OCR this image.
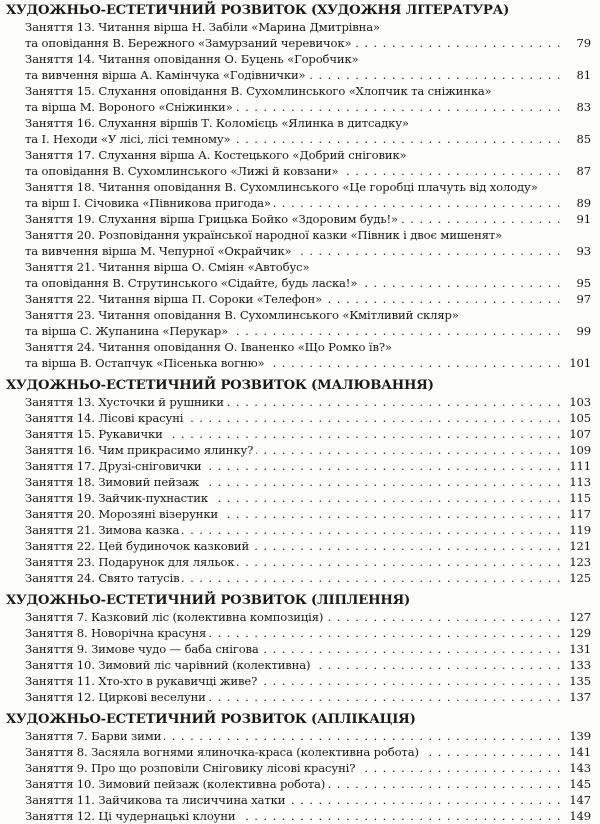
ХУДОЖНЬО-ЕСТЕТИЧНИЙ РОЗВИТОК (ХУДОЖНЯ ЛІТЕРАТУРА)
Заняття 13. Читання вірша Н. Забіли «Марина Дмитрівна»
. . . та оповідання В. Бережного «Замурзаний черевичок»	79
Заняття 14. Читання оповідання О. Буцень «Горобчик»
. . . та вивчення вірша А. Камінчука «Годівнички»	81
Заняття 15. Слухання оповідання В. Сухомлинського «Хлопчик та сніжинка»
. . . та вірша М. Вороного «Сніжинки»	83
Заняття 16. Слухання віршів Т. Коломієць «Ялинка в дитсадку»
. . . та І. Неходи «У лісі, лісі темному»	85
Заняття 17. Слухання вірша А. Костецького «Добрий сніговик»
. . . та оповідання В. Сухомлинського «Лижі й ковзани»	87
Заняття 18. Читання оповідання В. Сухомлинського «Це горобці плачуть від холоду»
. . . та вірш І. Січовика «Півникова пригода»	89
. . . Заняття 19. Слухання вірша Грицька Бойко «Здоровим будь!»	91
Заняття 20. Розповідання української народної казки «Півник і двоє мишенят»
. . . та вивчення вірша М. Чепурної «Окрайчик»	93
Заняття 21. Читання вірша О. Сміян «Автобус»
. . . та оповідання В. Струтинського «Сідайте, будь ласка!»	95
. . . Заняття 22. Читання вірша П. Сороки «Телефон»	97
Заняття 23. Читання оповідання В. Сухомлинського «Кмітливий скляр»
. . . та вірша С. Жупанина «Перукар»	99
Заняття 24. Читання оповідання О. Іваненко «Що Ромко їв?»
. . . та вірша В. Остапчук «Пісенька вогню»	101
ХУДОЖНЬО-ЕСТЕТИЧНИЙ РОЗВИТОК (МАЛЮВАННЯ)
. . . Заняття 13. Хусточки й рушники	103
. . . Заняття 14. Лісові красуні	105
. . . Заняття 15. Рукавички	107
. . . Заняття 16. Чим прикрасимо ялинку?	109
. . . Заняття 17. Друзі-сніговички	111
. . . Заняття 18. Зимовий пейзаж	113
. . . Заняття 19. Зайчик-пухнастик	115
. . . Заняття 20. Морозяні візерунки	117
. . . Заняття 21. Зимова казка	119
. . . Заняття 22. Цей будиночок казковий	121
. . . Заняття 23. Подарунок для ляльок	123
. . . Заняття 24. Свято татусів	125
ХУДОЖНЬО-ЕСТЕТИЧНИЙ РОЗВИТОК (ЛІПЛЕННЯ)
. . . Заняття 7. Казковий ліс (колективна композиція)	127
. . . Заняття 8. Новорічна красуня	129
. . . Заняття 9. Зимове чудо — баба снігова	131
. . . Заняття 10. Зимовий ліс чарівний (колективна)	133
. . . Заняття 11. Хто-хто в рукавичці живе?	135
. . . Заняття 12. Циркові веселуни	137
ХУДОЖНЬО-ЕСТЕТИЧНИЙ РОЗВИТОК (АПЛІКАЦІЯ)
. . . Заняття 7. Барви зими	139
. . . Заняття 8. Засяяла вогнями ялиночка-краса (колективна робота)	141
. . . Заняття 9. Про що розповіли Сніговику лісові красуні?	143
. . . Заняття 10. Зимовий пейзаж (колективна робота)	145
. . . Заняття 11. Зайчикова та лисиччина хатки	147
. . . Заняття 12. Ці чудернацькі клоуни	149
